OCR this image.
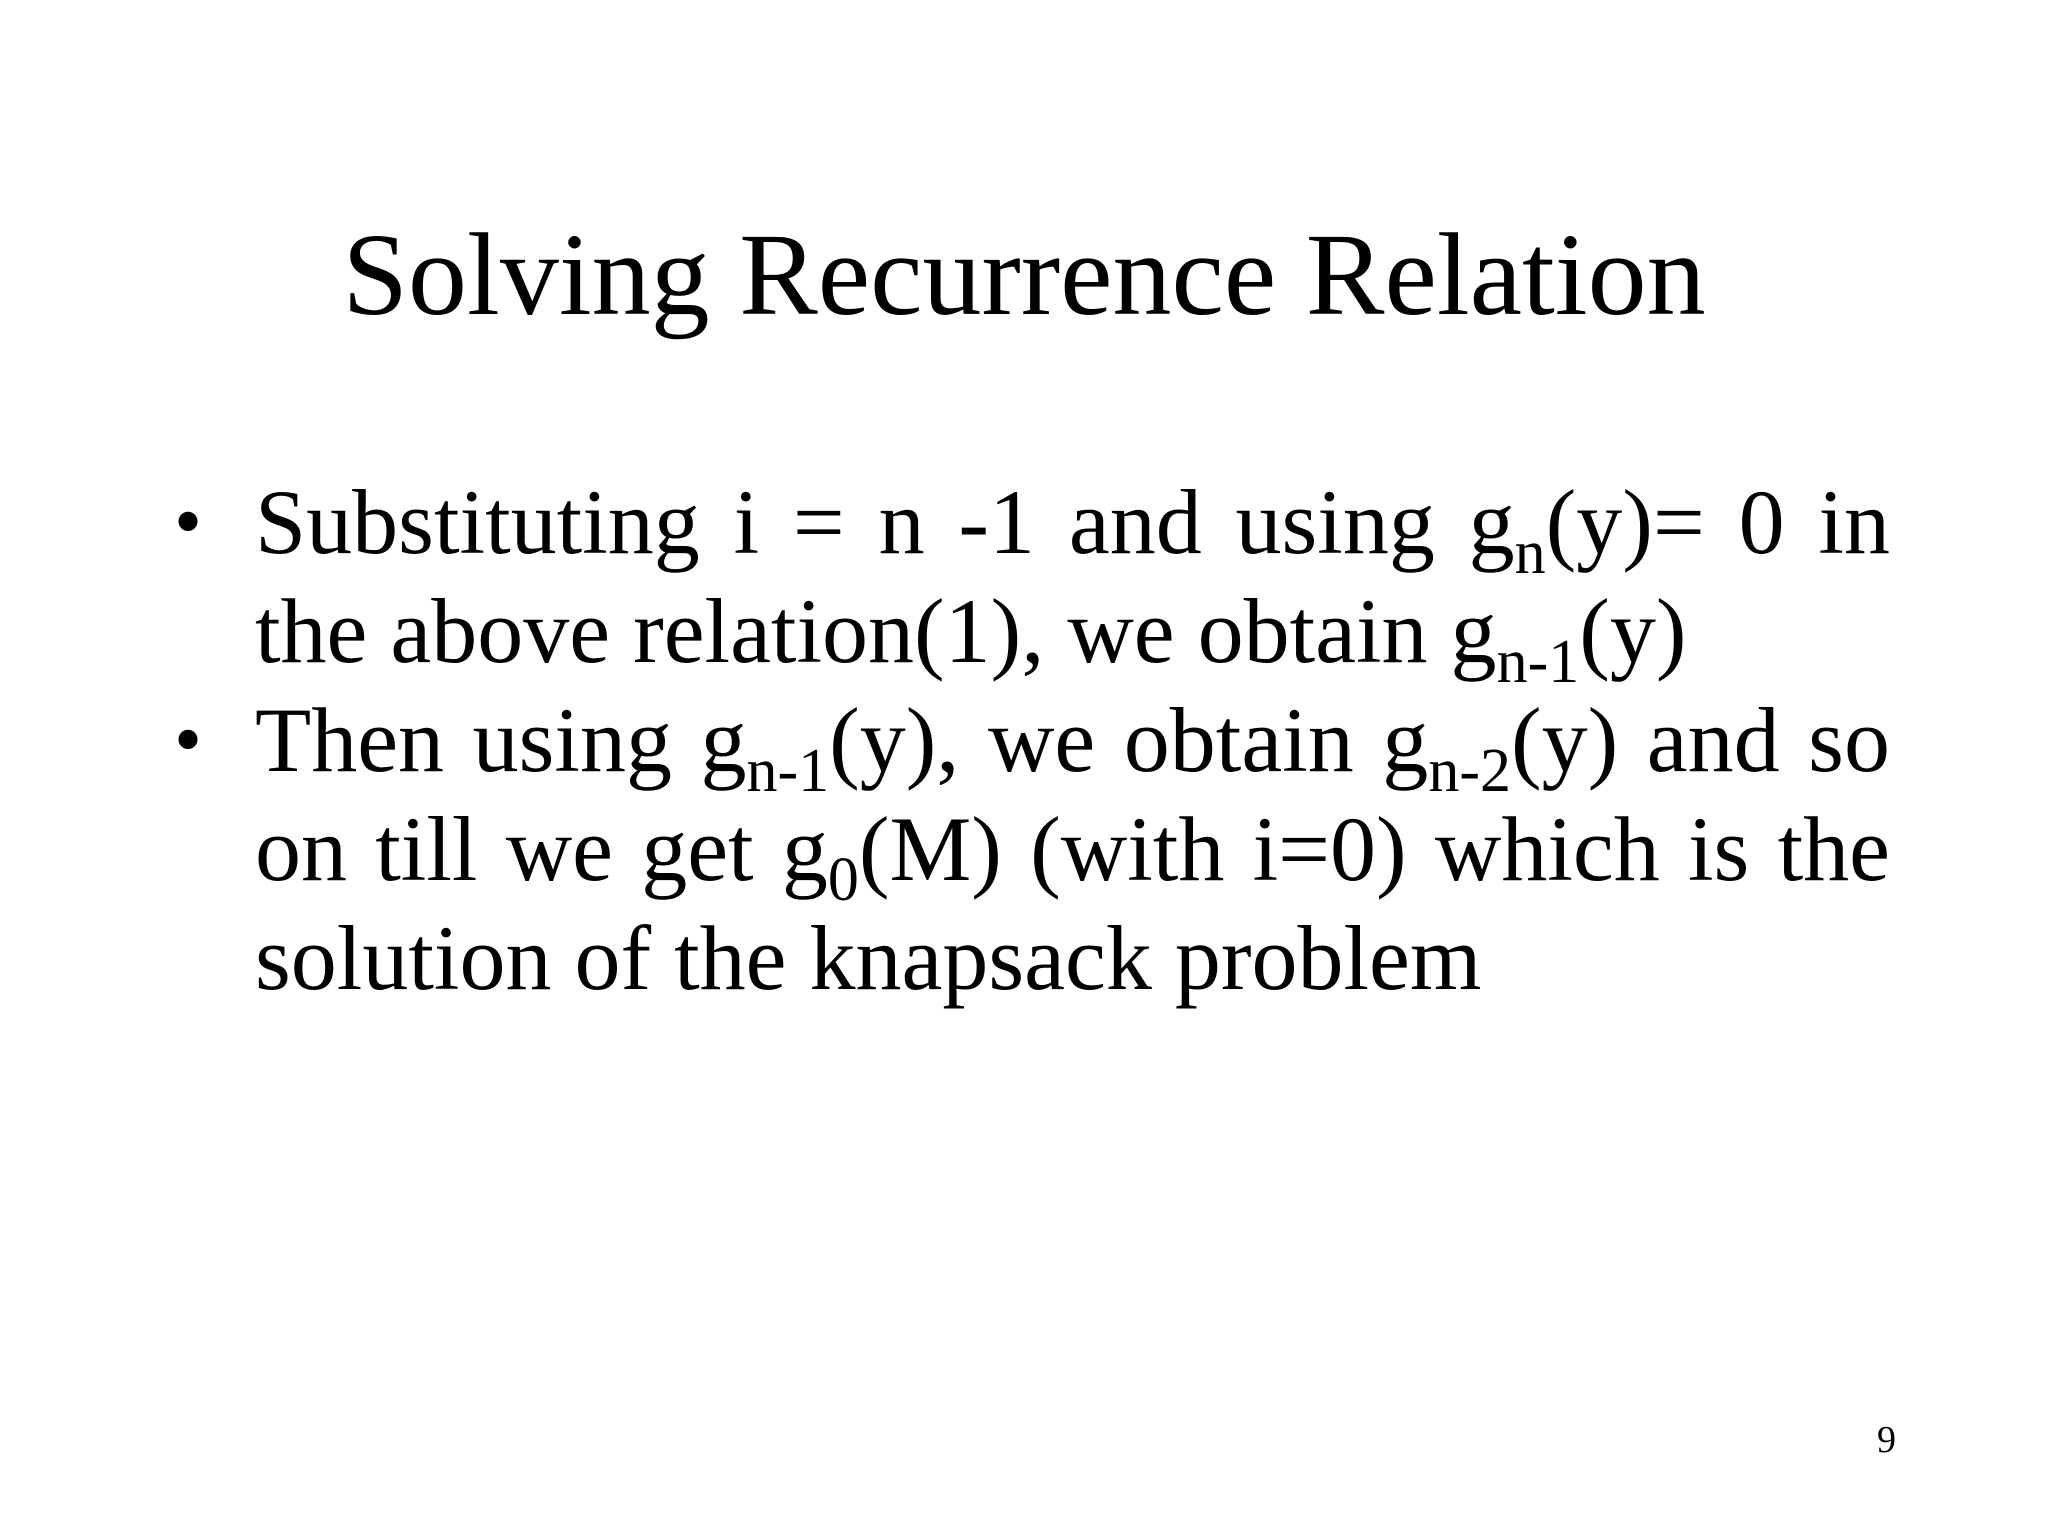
Solving Recurrence Relation
• Substituting i = n -1 and using $g_n(y)= 0$ in the above relation(1), we obtain $g_{n-1}(y)$
• Then using $g_{n-1}(y)$, we obtain $g_{n-2}(y)$ and so on till we get $g_0(M)$ (with i=0) which is the solution of the knapsack problem
9
